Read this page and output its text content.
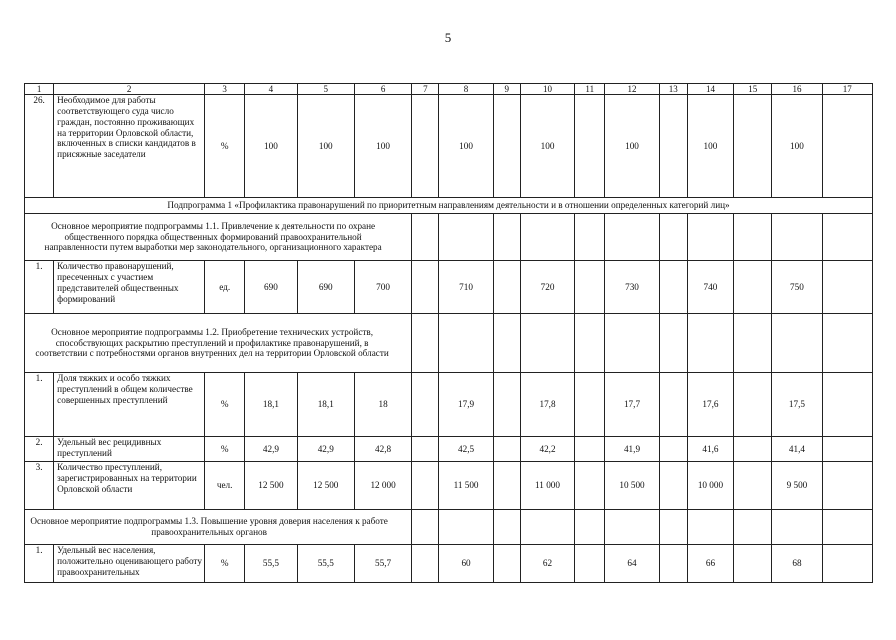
5
1	2	3	4	5	6	7	8	9	10	11	12	13	14	15	16	17
26.	Необходимое для работы соответствующего суда число граждан, постоянно проживающих на территории Орловской области, включенных в списки кандидатов в присяжные заседатели	%	100	100	100		100		100		100		100		100	
Подпрограмма 1 «Профилактика правонарушений по приоритетным направлениям деятельности и в отношении определенных категорий лиц»																
Основное мероприятие подпрограммы 1.1. Привлечение к деятельности по охране общественного порядка общественных формирований правоохранительной направленности путем выработки мер законодательного, организационного характера																
1.	Количество правонарушений, пресеченных с участием представителей общественных формирований	ед.	690	690	700		710		720		730		740		750	
Основное мероприятие подпрограммы 1.2. Приобретение технических устройств, способствующих раскрытию преступлений и профилактике правонарушений, в соответствии с потребностями органов внутренних дел на территории Орловской области																
1.	Доля тяжких и особо тяжких преступлений в общем количестве совершенных преступлений	%	18,1	18,1	18		17,9		17,8		17,7		17,6		17,5	
2.	Удельный вес рецидивных преступлений	%	42,9	42,9	42,8		42,5		42,2		41,9		41,6		41,4	
3.	Количество преступлений, зарегистрированных на территории Орловской области	чел.	12 500	12 500	12 000		11 500		11 000		10 500		10 000		9 500	
Основное мероприятие подпрограммы 1.3. Повышение уровня доверия населения к работе правоохранительных органов																
1.	Удельный вес населения, положительно оценивающего работу правоохранительных	%	55,5	55,5	55,7		60		62		64		66		68	
